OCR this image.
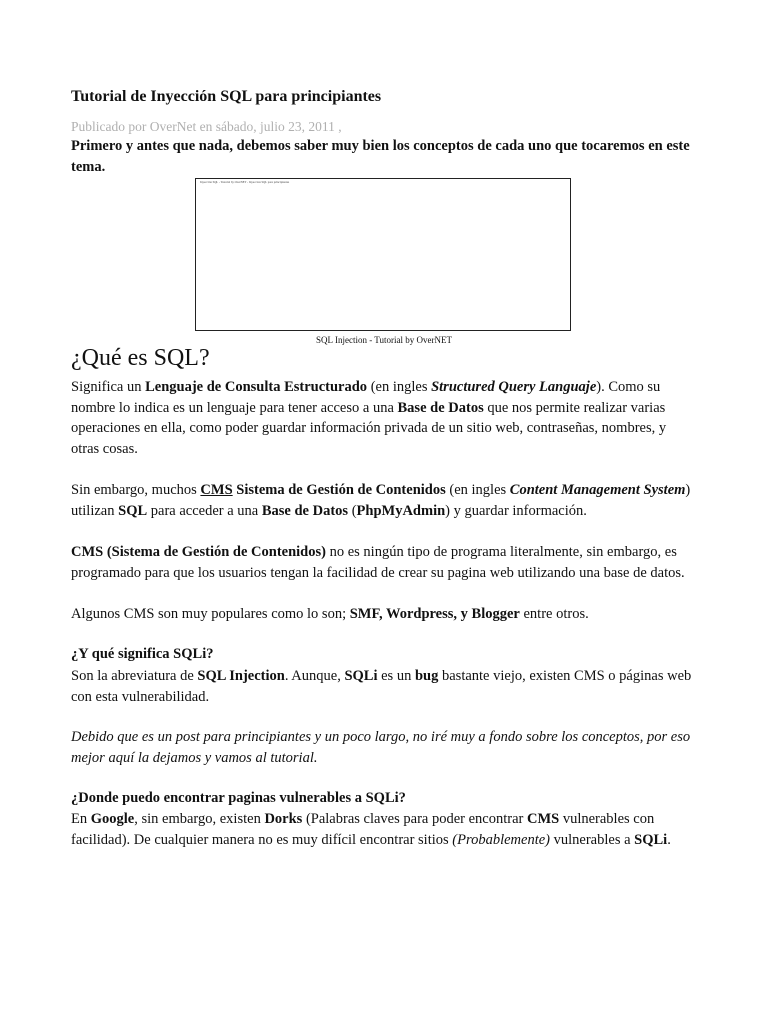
Tutorial de Inyección SQL para principiantes
Publicado por OverNet en sábado, julio 23, 2011 ,

Primero y antes que nada, debemos saber muy bien los conceptos de cada uno que tocaremos en este tema.

Inyección SQL - Tutorial by OverNET - Inyeccion SQL para principiantes
SQL Injection - Tutorial by OverNET
¿Qué es SQL?

Significa un Lenguaje de Consulta Estructurado (en ingles Structured Query Languaje). Como su nombre lo indica es un lenguaje para tener acceso a una Base de Datos que nos permite realizar varias operaciones en ella, como poder guardar información privada de un sitio web, contraseñas, nombres, y otras cosas.

Sin embargo, muchos CMS Sistema de Gestión de Contenidos (en ingles Content Management System) utilizan SQL para acceder a una Base de Datos (PhpMyAdmin) y guardar información.

CMS (Sistema de Gestión de Contenidos) no es ningún tipo de programa literalmente, sin embargo, es programado para que los usuarios tengan la facilidad de crear su pagina web utilizando una base de datos.

Algunos CMS son muy populares como lo son; SMF, Wordpress, y Blogger entre otros.

¿Y qué significa SQLi?

Son la abreviatura de SQL Injection. Aunque, SQLi es un bug bastante viejo, existen CMS o páginas web con esta vulnerabilidad.

Debido que es un post para principiantes y un poco largo, no iré muy a fondo sobre los conceptos, por eso mejor aquí la dejamos y vamos al tutorial.

¿Donde puedo encontrar paginas vulnerables a SQLi?

En Google, sin embargo, existen Dorks (Palabras claves para poder encontrar CMS vulnerables con facilidad). De cualquier manera no es muy difícil encontrar sitios (Probablemente) vulnerables a SQLi.
